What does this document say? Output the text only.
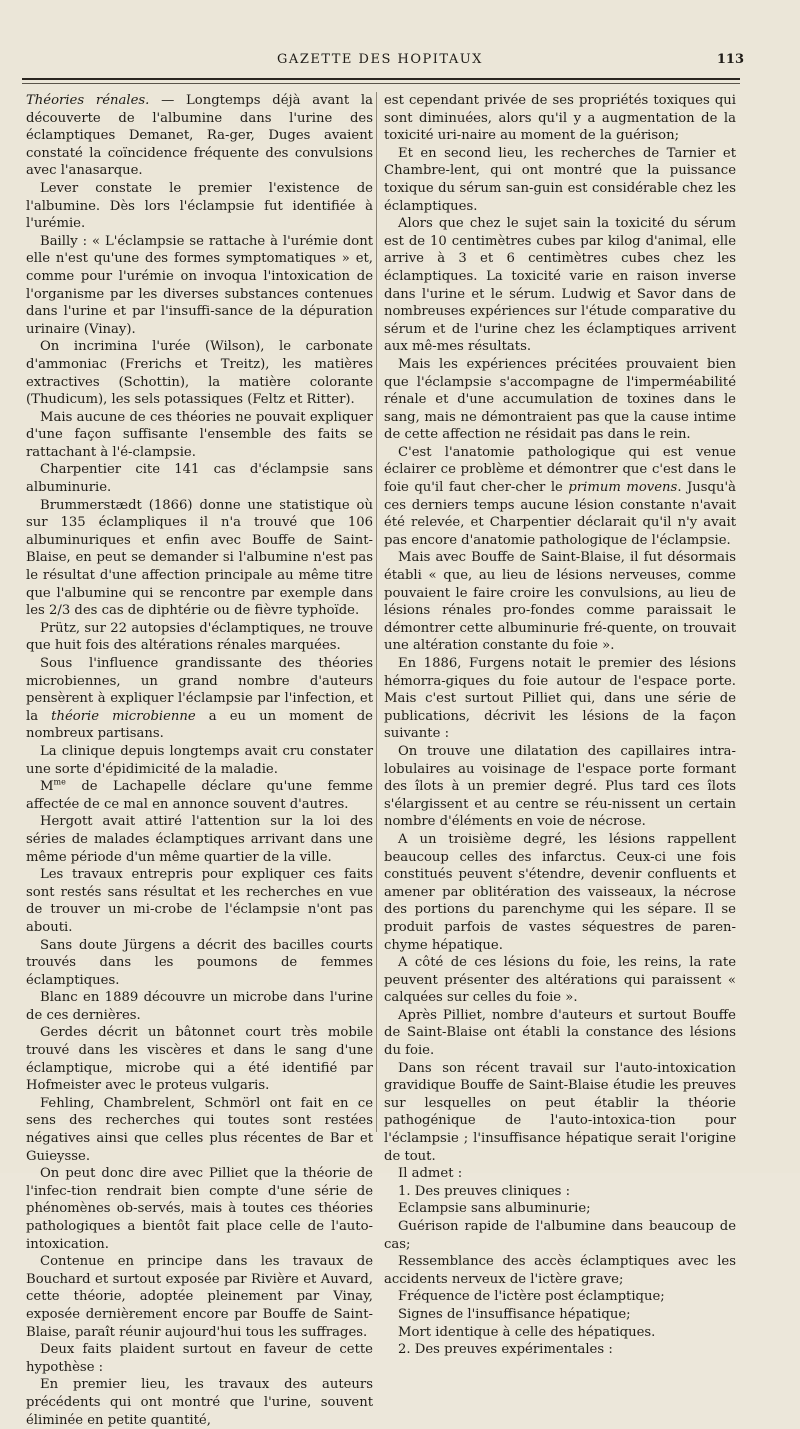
GAZETTE DES HOPITAUX	113

Théories rénales. — Longtemps déjà avant la découverte de l'albumine dans l'urine des éclamptiques Demanet, Ra-ger, Duges avaient constaté la coïncidence fréquente des convulsions avec l'anasarque.

Lever constate le premier l'existence de l'albumine. Dès lors l'éclampsie fut identifiée à l'urémie.

Bailly : « L'éclampsie se rattache à l'urémie dont elle n'est qu'une des formes symptomatiques » et, comme pour l'urémie on invoqua l'intoxication de l'organisme par les diverses substances contenues dans l'urine et par l'insuffi-sance de la dépuration urinaire (Vinay).

On incrimina l'urée (Wilson), le carbonate d'ammoniac (Frerichs et Treitz), les matières extractives (Schottin), la matière colorante (Thudicum), les sels potassiques (Feltz et Ritter).

Mais aucune de ces théories ne pouvait expliquer d'une façon suffisante l'ensemble des faits se rattachant à l'é-clampsie.

Charpentier cite 141 cas d'éclampsie sans albuminurie.

Brummerstædt (1866) donne une statistique où sur 135 éclampliques il n'a trouvé que 106 albuminuriques et enfin avec Bouffe de Saint-Blaise, en peut se demander si l'albumine n'est pas le résultat d'une affection principale au même titre que l'albumine qui se rencontre par exemple dans les 2/3 des cas de diphtérie ou de fièvre typhoïde.

Prütz, sur 22 autopsies d'éclamptiques, ne trouve que huit fois des altérations rénales marquées.

Sous l'influence grandissante des théories microbiennes, un grand nombre d'auteurs pensèrent à expliquer l'éclampsie par l'infection, et la théorie microbienne a eu un moment de nombreux partisans.

La clinique depuis longtemps avait cru constater une sorte d'épidimicité de la maladie.

$M^{me}$ de Lachapelle déclare qu'une femme affectée de ce mal en annonce souvent d'autres.

Hergott avait attiré l'attention sur la loi des séries de malades éclamptiques arrivant dans une même période d'un même quartier de la ville.

Les travaux entrepris pour expliquer ces faits sont restés sans résultat et les recherches en vue de trouver un mi-crobe de l'éclampsie n'ont pas abouti.

Sans doute Jürgens a décrit des bacilles courts trouvés dans les poumons de femmes éclamptiques.

Blanc en 1889 découvre un microbe dans l'urine de ces dernières.

Gerdes décrit un bâtonnet court très mobile trouvé dans les viscères et dans le sang d'une éclamptique, microbe qui a été identifié par Hofmeister avec le proteus vulgaris.

Fehling, Chambrelent, Schmörl ont fait en ce sens des recherches qui toutes sont restées négatives ainsi que celles plus récentes de Bar et Guieysse.

On peut donc dire avec Pilliet que la théorie de l'infec-tion rendrait bien compte d'une série de phénomènes ob-servés, mais à toutes ces théories pathologiques a bientôt fait place celle de l'auto-intoxication.

Contenue en principe dans les travaux de Bouchard et surtout exposée par Rivière et Auvard, cette théorie, adoptée pleinement par Vinay, exposée dernièrement encore par Bouffe de Saint-Blaise, paraît réunir aujourd'hui tous les suffrages.

Deux faits plaident surtout en faveur de cette hypothèse :

En premier lieu, les travaux des auteurs précédents qui ont montré que l'urine, souvent éliminée en petite quantité,

est cependant privée de ses propriétés toxiques qui sont diminuées, alors qu'il y a augmentation de la toxicité uri-naire au moment de la guérison;

Et en second lieu, les recherches de Tarnier et Chambre-lent, qui ont montré que la puissance toxique du sérum san-guin est considérable chez les éclamptiques.

Alors que chez le sujet sain la toxicité du sérum est de 10 centimètres cubes par kilog d'animal, elle arrive à 3 et 6 centimètres cubes chez les éclamptiques. La toxicité varie en raison inverse dans l'urine et le sérum. Ludwig et Savor dans de nombreuses expériences sur l'étude comparative du sérum et de l'urine chez les éclamptiques arrivent aux mê-mes résultats.

Mais les expériences précitées prouvaient bien que l'éclampsie s'accompagne de l'imperméabilité rénale et d'une accumulation de toxines dans le sang, mais ne démontraient pas que la cause intime de cette affection ne résidait pas dans le rein.

C'est l'anatomie pathologique qui est venue éclairer ce problème et démontrer que c'est dans le foie qu'il faut cher-cher le primum movens. Jusqu'à ces derniers temps aucune lésion constante n'avait été relevée, et Charpentier déclarait qu'il n'y avait pas encore d'anatomie pathologique de l'éclampsie.

Mais avec Bouffe de Saint-Blaise, il fut désormais établi « que, au lieu de lésions nerveuses, comme pouvaient le faire croire les convulsions, au lieu de lésions rénales pro-fondes comme paraissait le démontrer cette albuminurie fré-quente, on trouvait une altération constante du foie ».

En 1886, Furgens notait le premier des lésions hémorra-giques du foie autour de l'espace porte. Mais c'est surtout Pilliet qui, dans une série de publications, décrivit les lésions de la façon suivante :

On trouve une dilatation des capillaires intra-lobulaires au voisinage de l'espace porte formant des îlots à un premier degré. Plus tard ces îlots s'élargissent et au centre se réu-nissent un certain nombre d'éléments en voie de nécrose.

A un troisième degré, les lésions rappellent beaucoup celles des infarctus. Ceux-ci une fois constitués peuvent s'étendre, devenir confluents et amener par oblitération des vaisseaux, la nécrose des portions du parenchyme qui les sépare. Il se produit parfois de vastes séquestres de paren-chyme hépatique.

A côté de ces lésions du foie, les reins, la rate peuvent présenter des altérations qui paraissent « calquées sur celles du foie ».

Après Pilliet, nombre d'auteurs et surtout Bouffe de Saint-Blaise ont établi la constance des lésions du foie.

Dans son récent travail sur l'auto-intoxication gravidique Bouffe de Saint-Blaise étudie les preuves sur lesquelles on peut établir la théorie pathogénique de l'auto-intoxica-tion pour l'éclampsie ; l'insuffisance hépatique serait l'origine de tout.

Il admet :

1. Des preuves cliniques :

Eclampsie sans albuminurie;

Guérison rapide de l'albumine dans beaucoup de cas;

Ressemblance des accès éclamptiques avec les accidents nerveux de l'ictère grave;

Fréquence de l'ictère post éclamptique;

Signes de l'insuffisance hépatique;

Mort identique à celle des hépatiques.

2. Des preuves expérimentales :
